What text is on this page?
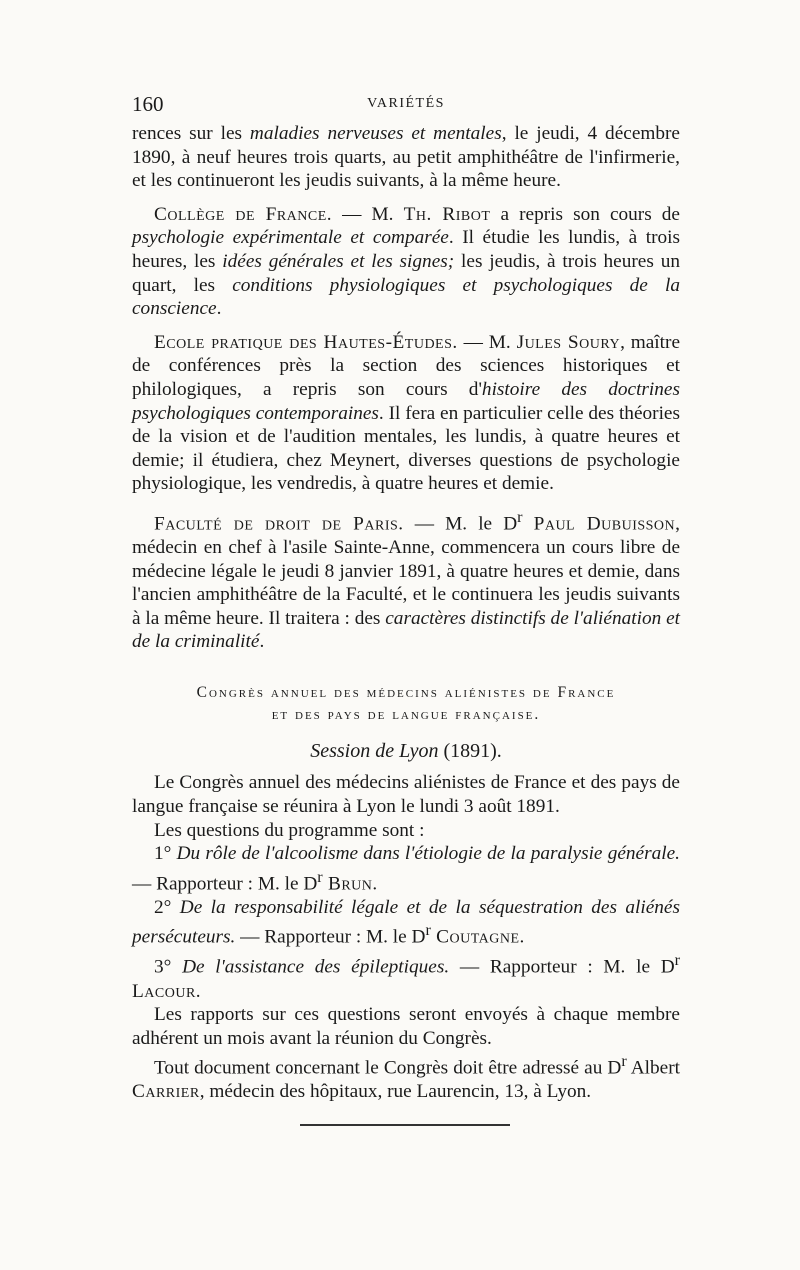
160	VARIÉTÉS

rences sur les maladies nerveuses et mentales, le jeudi, 4 décembre 1890, à neuf heures trois quarts, au petit amphithéâtre de l'infirmerie, et les continueront les jeudis suivants, à la même heure.

Collège de France. — M. Th. Ribot a repris son cours de psychologie expérimentale et comparée. Il étudie les lundis, à trois heures, les idées générales et les signes; les jeudis, à trois heures un quart, les conditions physiologiques et psychologiques de la conscience.

Ecole pratique des Hautes-Études. — M. Jules Soury, maître de conférences près la section des sciences historiques et philologiques, a repris son cours d'histoire des doctrines psychologiques contemporaines. Il fera en particulier celle des théories de la vision et de l'audition mentales, les lundis, à quatre heures et demie; il étudiera, chez Meynert, diverses questions de psychologie physiologique, les vendredis, à quatre heures et demie.

Faculté de droit de Paris. — M. le $D^r$ Paul Dubuisson, médecin en chef à l'asile Sainte-Anne, commencera un cours libre de médecine légale le jeudi 8 janvier 1891, à quatre heures et demie, dans l'ancien amphithéâtre de la Faculté, et le continuera les jeudis suivants à la même heure. Il traitera : des caractères distinctifs de l'aliénation et de la criminalité.

Congrès annuel des médecins aliénistes de France
et des pays de langue française.
Session de Lyon (1891).

Le Congrès annuel des médecins aliénistes de France et des pays de langue française se réunira à Lyon le lundi 3 août 1891.

Les questions du programme sont :

1° Du rôle de l'alcoolisme dans l'étiologie de la paralysie générale. — Rapporteur : M. le $D^r$ Brun.

2° De la responsabilité légale et de la séquestration des aliénés persécuteurs. — Rapporteur : M. le $D^r$ Coutagne.

3° De l'assistance des épileptiques. — Rapporteur : M. le $D^r$ Lacour.

Les rapports sur ces questions seront envoyés à chaque membre adhérent un mois avant la réunion du Congrès.

Tout document concernant le Congrès doit être adressé au $D^r$ Albert Carrier, médecin des hôpitaux, rue Laurencin, 13, à Lyon.
